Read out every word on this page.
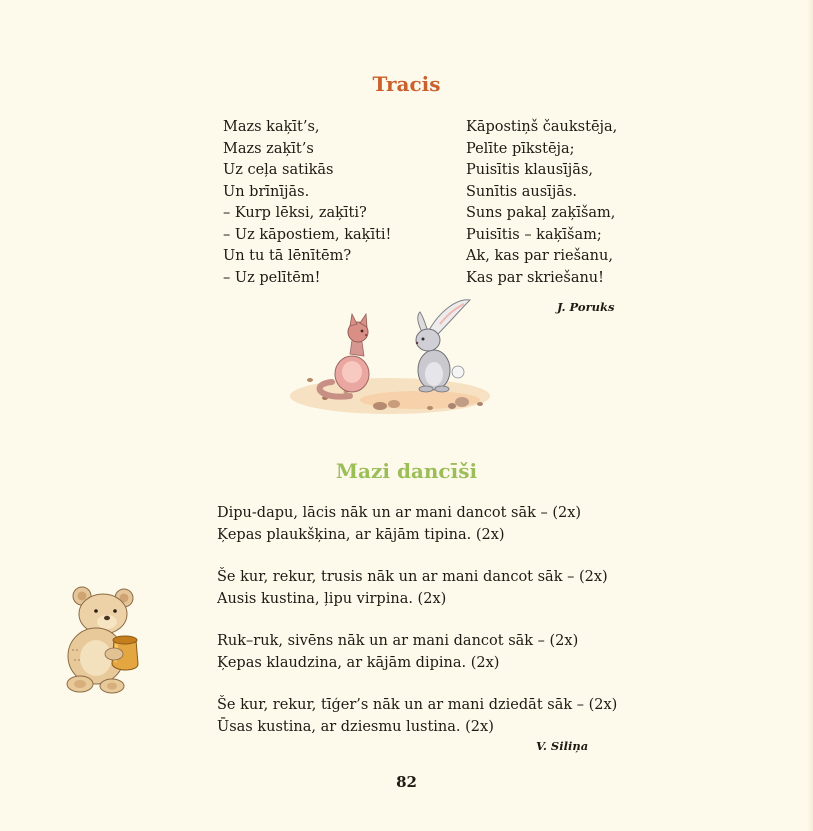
Tracis
Mazs kaķīt’s,
Mazs zaķīt’s
Uz ceļa satikās
Un brīnījās.
– Kurp lēksi, zaķīti?
– Uz kāpostiem, kaķīti!
Un tu tā lēnītēm?
– Uz pelītēm!
Kāpostiņš čaukstēja,
Pelīte pīkstēja;
Puisītis klausījās,
Sunītis ausījās.
Suns pakaļ zaķīšam,
Puisītis – kaķīšam;
Ak, kas par riešanu,
Kas par skriešanu!
J. Poruks
Mazi dancīši
Dipu-dapu, lācis nāk un ar mani dancot sāk – (2x)
Ķepas plaukšķina, ar kājām tipina. (2x)
Še kur, rekur, trusis nāk un ar mani dancot sāk – (2x)
Ausis kustina, ļipu virpina. (2x)
Ruk–ruk, sivēns nāk un ar mani dancot sāk – (2x)
Ķepas klaudzina, ar kājām dipina. (2x)
Še kur, rekur, tīģer’s nāk un ar mani dziedāt sāk – (2x)
Ūsas kustina, ar dziesmu lustina. (2x)
V. Siliņa
82
